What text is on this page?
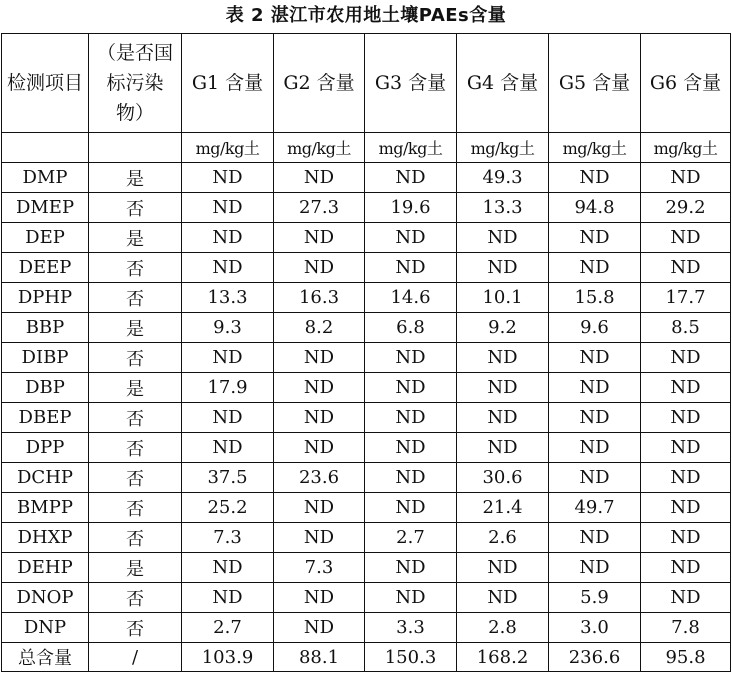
表 2 湛江市农用地土壤PAEs含量
检测项目	（是否国标污染物）	G1 含量	G2 含量	G3 含量	G4 含量	G5 含量	G6 含量
		mg/kg土	mg/kg土	mg/kg土	mg/kg土	mg/kg土	mg/kg土
DMP	是	ND	ND	ND	49.3	ND	ND
DMEP	否	ND	27.3	19.6	13.3	94.8	29.2
DEP	是	ND	ND	ND	ND	ND	ND
DEEP	否	ND	ND	ND	ND	ND	ND
DPHP	否	13.3	16.3	14.6	10.1	15.8	17.7
BBP	是	9.3	8.2	6.8	9.2	9.6	8.5
DIBP	否	ND	ND	ND	ND	ND	ND
DBP	是	17.9	ND	ND	ND	ND	ND
DBEP	否	ND	ND	ND	ND	ND	ND
DPP	否	ND	ND	ND	ND	ND	ND
DCHP	否	37.5	23.6	ND	30.6	ND	ND
BMPP	否	25.2	ND	ND	21.4	49.7	ND
DHXP	否	7.3	ND	2.7	2.6	ND	ND
DEHP	是	ND	7.3	ND	ND	ND	ND
DNOP	否	ND	ND	ND	ND	5.9	ND
DNP	否	2.7	ND	3.3	2.8	3.0	7.8
总含量	/	103.9	88.1	150.3	168.2	236.6	95.8
